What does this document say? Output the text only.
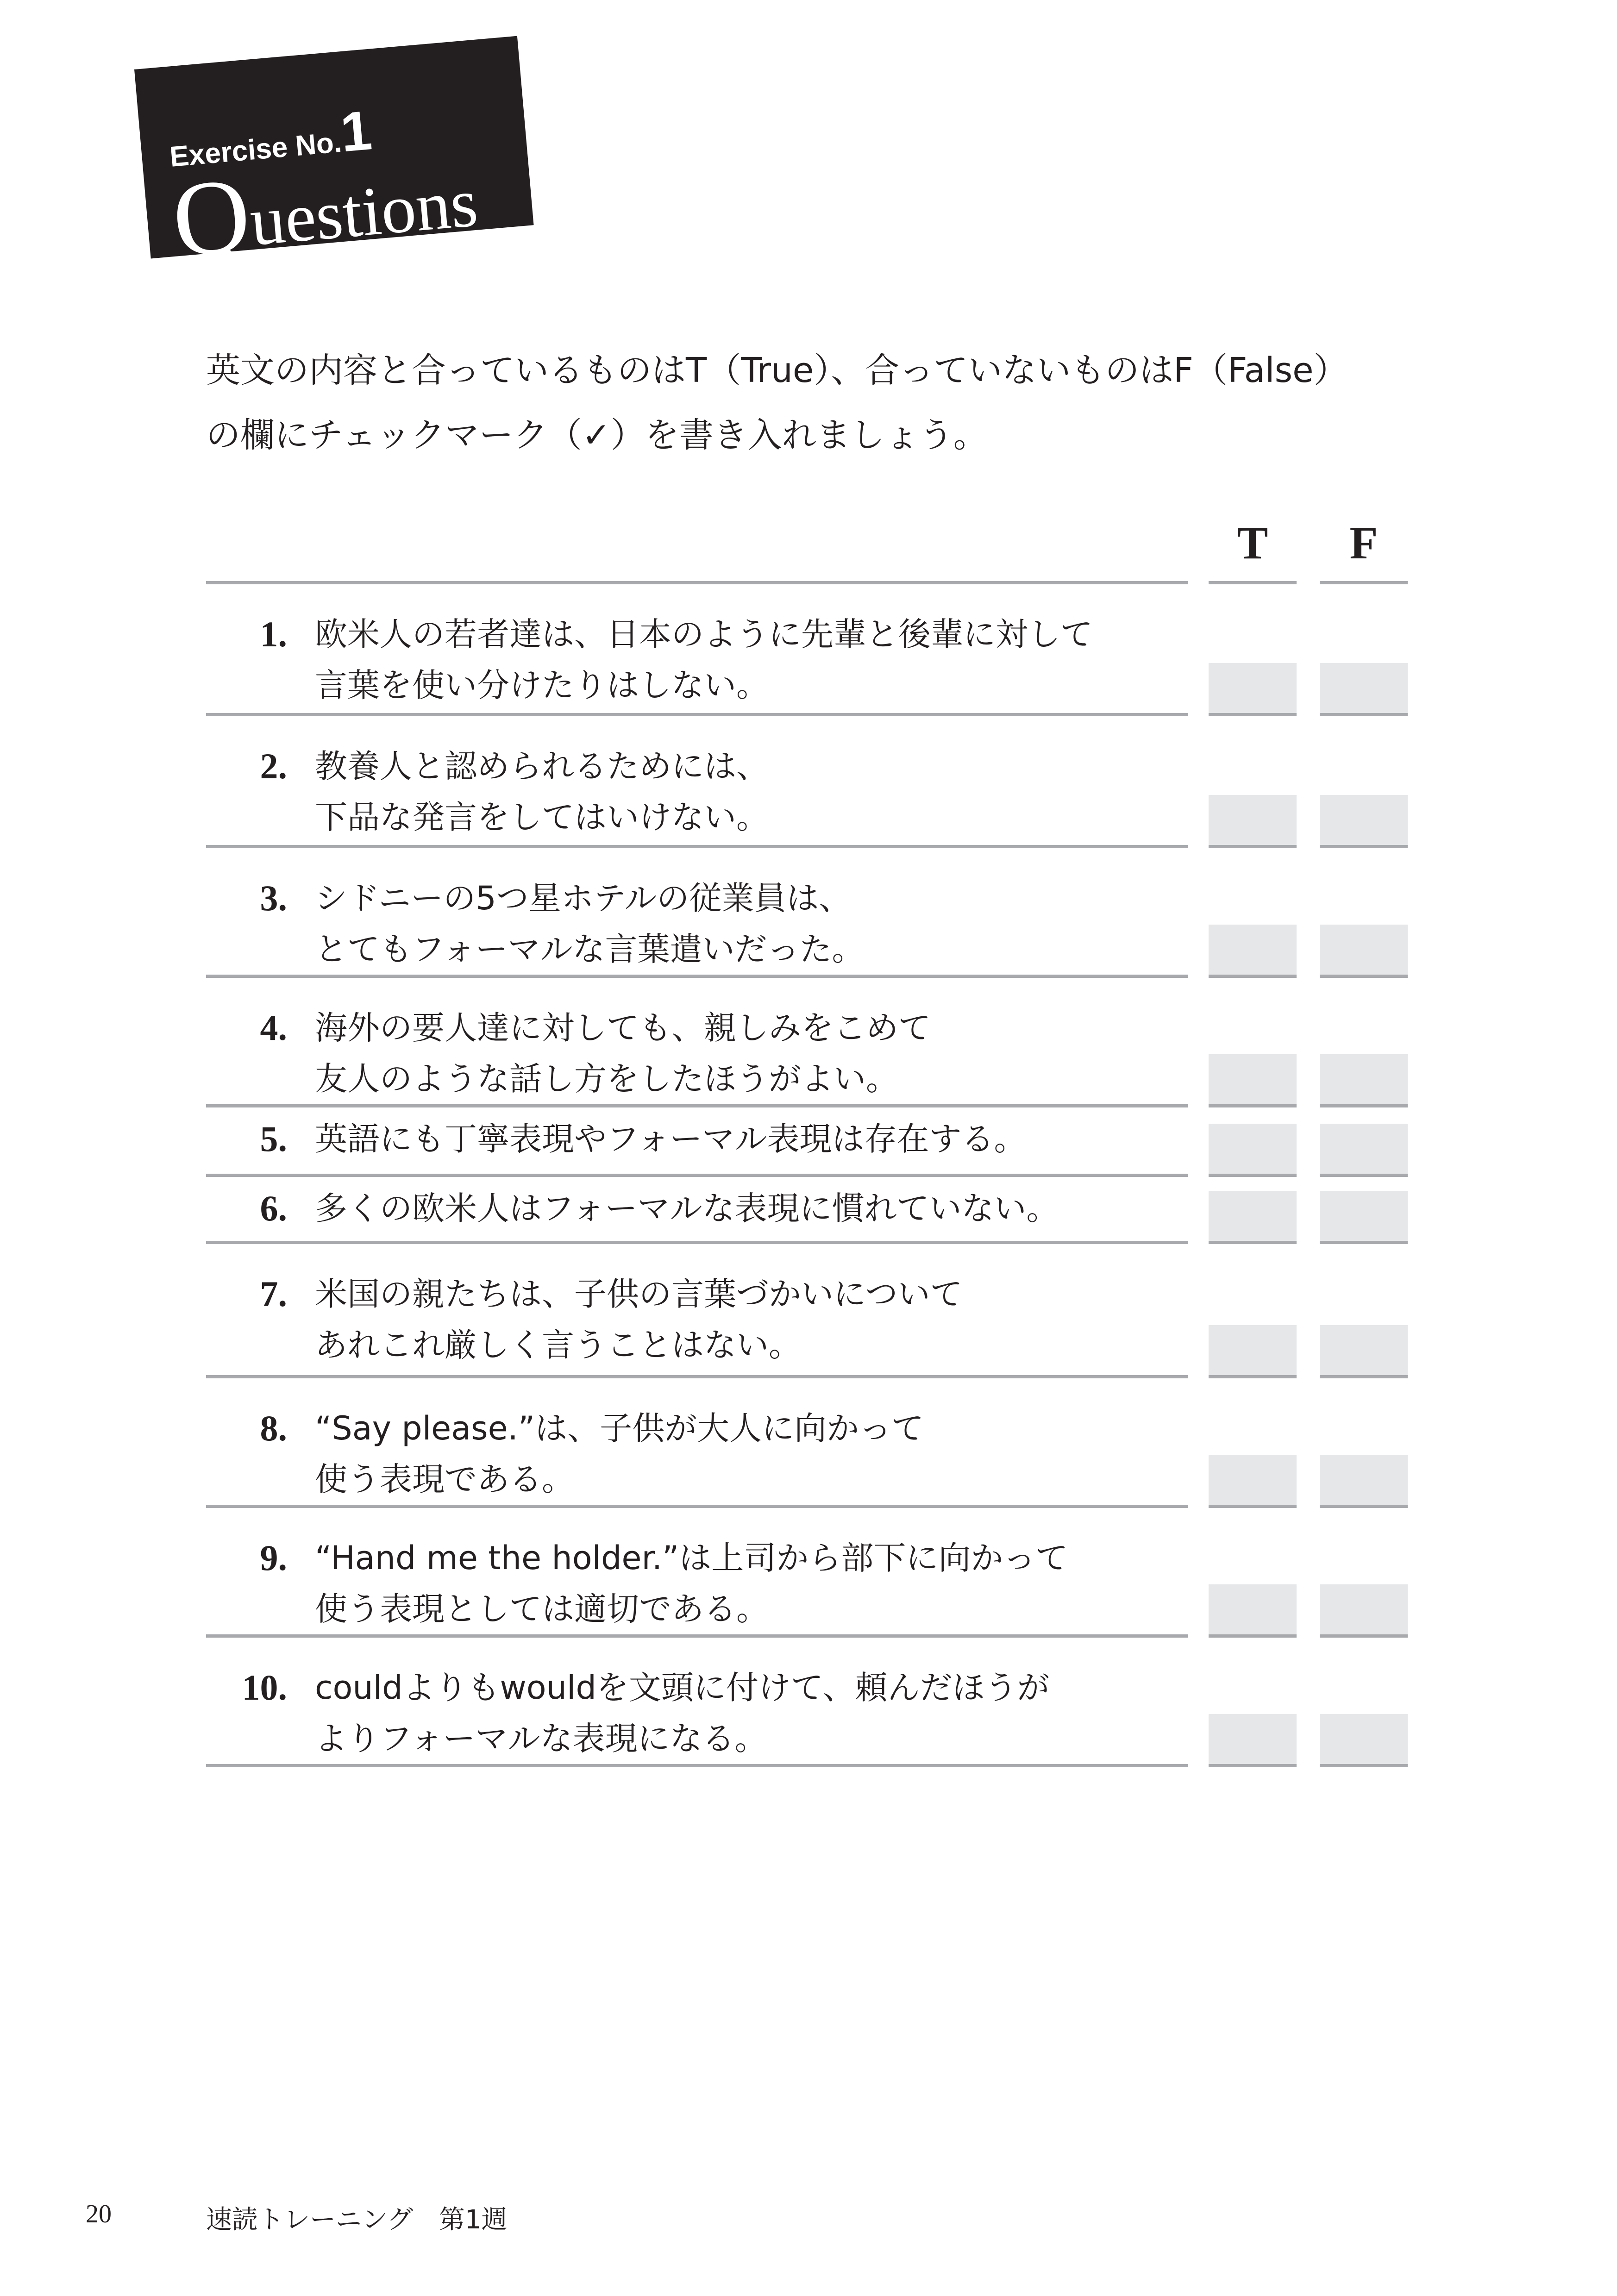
Exercise No.1
Questions
英文の内容と合っているものはT（True）、合っていないものはF（False）
の欄にチェックマーク（✓）を書き入れましょう。
T	F
1. 欧米人の若者達は、日本のように先輩と後輩に対して
言葉を使い分けたりはしない。
2. 教養人と認められるためには、
下品な発言をしてはいけない。
3. シドニーの5つ星ホテルの従業員は、
とてもフォーマルな言葉遣いだった。
4. 海外の要人達に対しても、親しみをこめて
友人のような話し方をしたほうがよい。
5. 英語にも丁寧表現やフォーマル表現は存在する。
6. 多くの欧米人はフォーマルな表現に慣れていない。
7. 米国の親たちは、子供の言葉づかいについて
あれこれ厳しく言うことはない。
8. “Say please.”は、子供が大人に向かって
使う表現である。
9. “Hand me the holder.”は上司から部下に向かって
使う表現としては適切である。
10. couldよりもwouldを文頭に付けて、頼んだほうが
よりフォーマルな表現になる。
20	速読トレーニング　第1週
